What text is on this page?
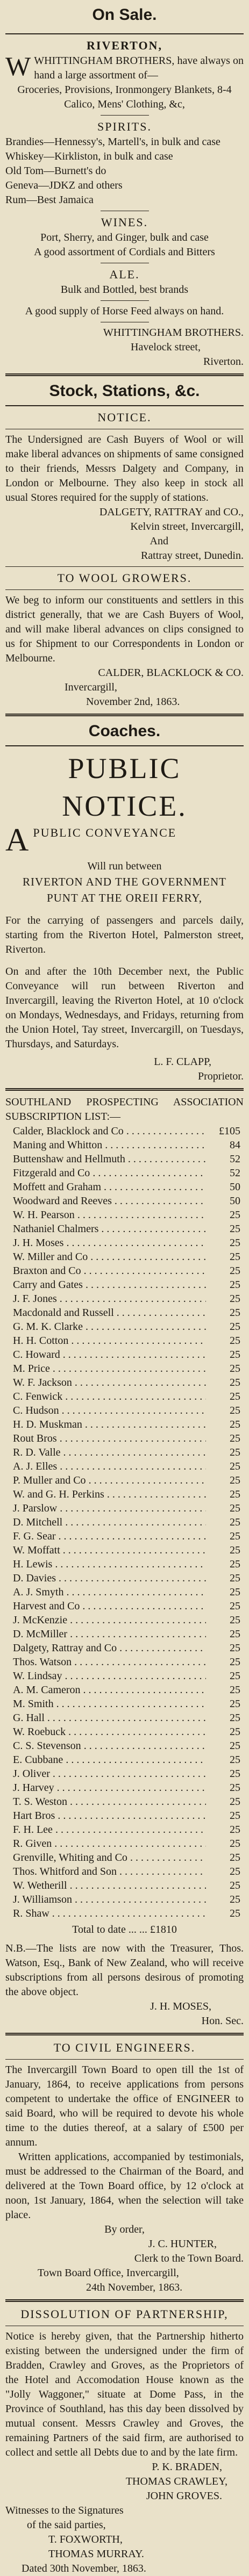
On Sale.
RIVERTON,
WWHITTINGHAM BROTHERS, have always on hand a large assortment of—
Groceries, Provisions, Ironmongery Blankets, 8-4 Calico, Mens' Clothing, &c,
SPIRITS.
Brandies—Hennessy's, Martell's, in bulk and case
Whiskey—Kirkliston, in bulk and case
Old Tom—Burnett's do
Geneva—JDKZ and others
Rum—Best Jamaica
WINES.
Port, Sherry, and Ginger, bulk and case
A good assortment of Cordials and Bitters
ALE.
Bulk and Bottled, best brands
A good supply of Horse Feed always on hand.
WHITTINGHAM BROTHERS.
Havelock street,
Riverton.
Stock, Stations, &c.
NOTICE.
The Undersigned are Cash Buyers of Wool or will make liberal advances on shipments of same consigned to their friends, Messrs Dalgety and Company, in London or Melbourne. They also keep in stock all usual Stores required for the supply of stations.
DALGETY, RATTRAY and CO.,
Kelvin street, Invercargill,
And
Rattray street, Dunedin.
TO WOOL GROWERS.
We beg to inform our constituents and settlers in this district generally, that we are Cash Buyers of Wool, and will make liberal advances on clips consigned to us for Shipment to our Correspondents in London or Melbourne.
CALDER, BLACKLOCK & CO.
Invercargill,
November 2nd, 1863.
Coaches.
PUBLIC NOTICE.
APUBLIC CONVEYANCE
Will run between
RIVERTON AND THE GOVERNMENT PUNT AT THE OREII FERRY,
For the carrying of passengers and parcels daily, starting from the Riverton Hotel, Palmerston street, Riverton.
On and after the 10th December next, the Public Conveyance will run between Riverton and Invercargill, leaving the Riverton Hotel, at 10 o'clock on Mondays, Wednesdays, and Fridays, returning from the Union Hotel, Tay street, Invercargill, on Tuesdays, Thursdays, and Saturdays.
L. F. CLAPP,
Proprietor.
SOUTHLAND PROSPECTING ASSOCIATION SUBSCRIPTION LIST:—
Calder, Blacklock and Co . . .	£105
Maning and Whitton . . .	84
Buttenshaw and Hellmuth . . .	52
Fitzgerald and Co . . .	52
Moffett and Graham . . .	50
Woodward and Reeves . . .	50
W. H. Pearson . . .	25
Nathaniel Chalmers . . .	25
J. H. Moses . . .	25
W. Miller and Co . . .	25
Braxton and Co . . .	25
Carry and Gates . . .	25
J. F. Jones . . .	25
Macdonald and Russell . . .	25
G. M. K. Clarke . . .	25
H. H. Cotton . . .	25
C. Howard . . .	25
M. Price . . .	25
W. F. Jackson . . .	25
C. Fenwick . . .	25
C. Hudson . . .	25
H. D. Muskman . . .	25
Rout Bros . . .	25
R. D. Valle . . .	25
A. J. Elles . . .	25
P. Muller and Co . . .	25
W. and G. H. Perkins . . .	25
J. Parslow . . .	25
D. Mitchell . . .	25
F. G. Sear . . .	25
W. Moffatt . . .	25
H. Lewis . . .	25
D. Davies . . .	25
A. J. Smyth . . .	25
Harvest and Co . . .	25
J. McKenzie . . .	25
D. McMiller . . .	25
Dalgety, Rattray and Co . . .	25
Thos. Watson . . .	25
W. Lindsay . . .	25
A. M. Cameron . . .	25
M. Smith . . .	25
G. Hall . . .	25
W. Roebuck . . .	25
C. S. Stevenson . . .	25
E. Cubbane . . .	25
J. Oliver . . .	25
J. Harvey . . .	25
T. S. Weston . . .	25
Hart Bros . . .	25
F. H. Lee . . .	25
R. Given . . .	25
Grenville, Whiting and Co . . .	25
Thos. Whitford and Son . . .	25
W. Wetherill . . .	25
J. Williamson . . .	25
R. Shaw . . .	25
Total to date ... ... £1810
N.B.—The lists are now with the Treasurer, Thos. Watson, Esq., Bank of New Zealand, who will receive subscriptions from all persons desirous of promoting the above object.
J. H. MOSES,
Hon. Sec.
TO CIVIL ENGINEERS.
The Invercargill Town Board to open till the 1st of January, 1864, to receive applications from persons competent to undertake the office of ENGINEER to said Board, who will be required to devote his whole time to the duties thereof, at a salary of £500 per annum.
Written applications, accompanied by testimonials, must be addressed to the Chairman of the Board, and delivered at the Town Board office, by 12 o'clock at noon, 1st January, 1864, when the selection will take place.
By order,
J. C. HUNTER,
Clerk to the Town Board.
Town Board Office, Invercargill,
24th November, 1863.
DISSOLUTION OF PARTNERSHIP,
Notice is hereby given, that the Partnership hitherto existing between the undersigned under the firm of Bradden, Crawley and Groves, as the Proprietors of the Hotel and Accomodation House known as the "Jolly Waggoner," situate at Dome Pass, in the Province of Southland, has this day been dissolved by mutual consent. Messrs Crawley and Groves, the remaining Partners of the said firm, are authorised to collect and settle all Debts due to and by the late firm.
P. K. BRADEN,
THOMAS CRAWLEY,
JOHN GROVES.
Witnesses to the Signatures
of the said parties,
T. FOXWORTH,
THOMAS MURRAY.
Dated 30th November, 1863.
